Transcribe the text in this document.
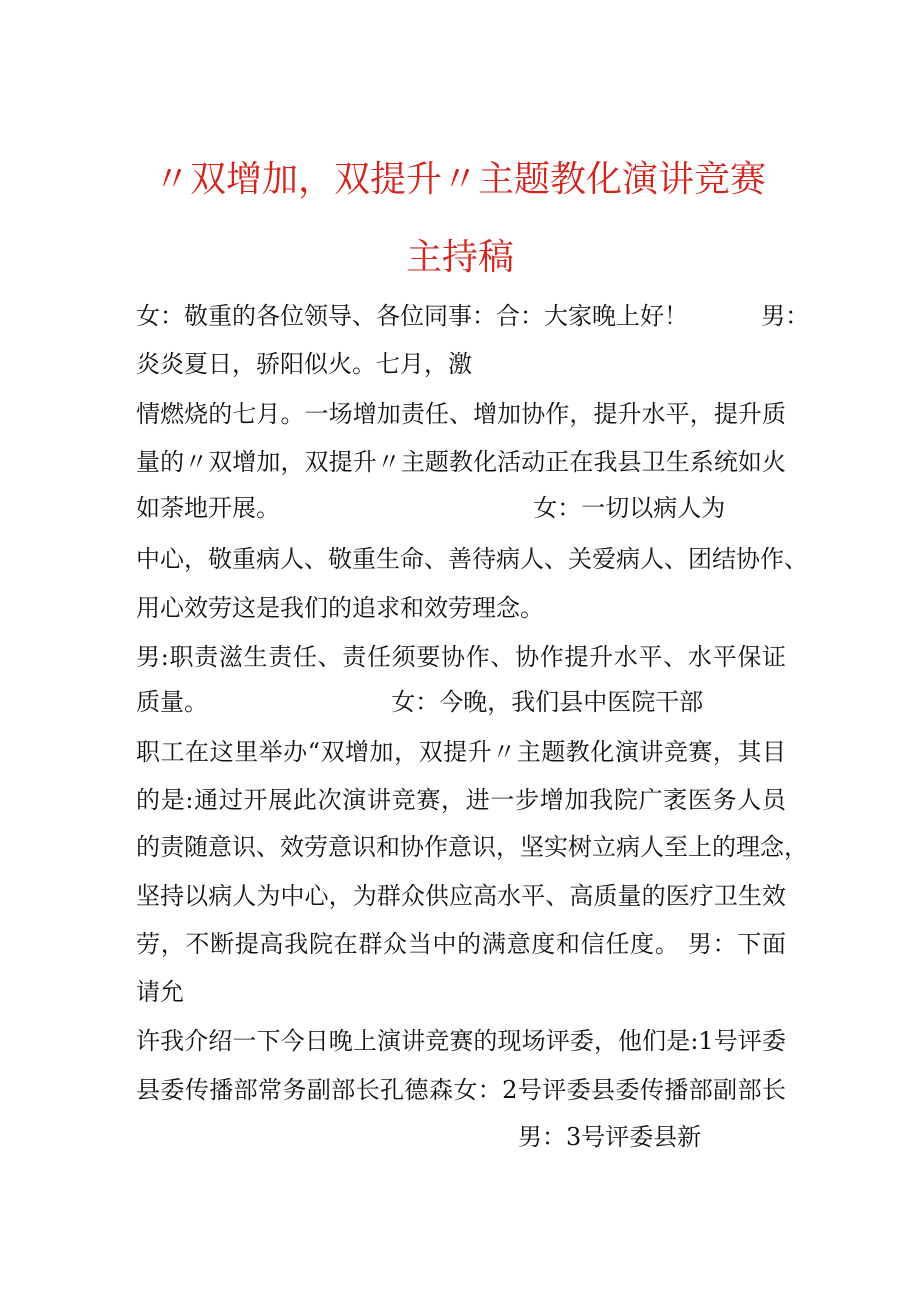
〃双增加，双提升〃主题教化演讲竞赛
主持稿
女：敬重的各位领导、各位同事：合：大家晚上好！	男：
炎炎夏日，骄阳似火。七月，激
情燃烧的七月。一场增加责任、增加协作，提升水平，提升质
量的〃双增加，双提升〃主题教化活动正在我县卫生系统如火
如荼地开展。	女：一切以病人为
中心，敬重病人、敬重生命、善待病人、关爱病人、团结协作、
用心效劳这是我们的追求和效劳理念。
男:职责滋生责任、责任须要协作、协作提升水平、水平保证
质量。	女：今晚，我们县中医院干部
职工在这里举办“双增加，双提升〃主题教化演讲竞赛，其目
的是:通过开展此次演讲竞赛，进一步增加我院广袤医务人员
的责随意识、效劳意识和协作意识，坚实树立病人至上的理念，
坚持以病人为中心，为群众供应高水平、高质量的医疗卫生效
劳，不断提高我院在群众当中的满意度和信任度。 男：下面
请允
许我介绍一下今日晚上演讲竞赛的现场评委，他们是:1号评委
县委传播部常务副部长孔德森女：2号评委县委传播部副部长
男：3号评委县新
